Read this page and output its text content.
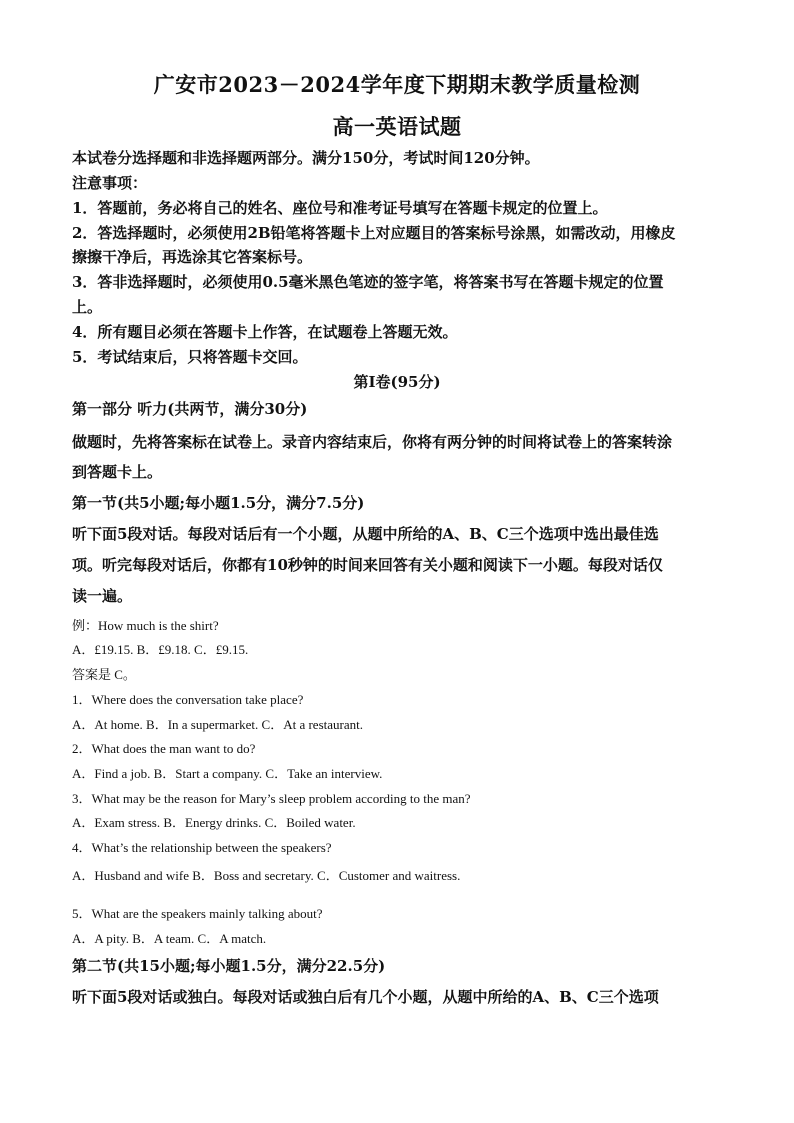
广安市2023－2024学年度下期期末教学质量检测
高一英语试题
本试卷分选择题和非选择题两部分。满分150分，考试时间120分钟。
注意事项：
1．答题前，务必将自己的姓名、座位号和准考证号填写在答题卡规定的位置上。
2．答选择题时，必须使用2B铅笔将答题卡上对应题目的答案标号涂黑，如需改动，用橡皮
擦擦干净后，再选涂其它答案标号。
3．答非选择题时，必须使用0.5毫米黑色笔迹的签字笔，将答案书写在答题卡规定的位置
上。
4．所有题目必须在答题卡上作答，在试题卷上答题无效。
5．考试结束后，只将答题卡交回。
第Ⅰ卷(95分)
第一部分 听力(共两节，满分30分)
做题时，先将答案标在试卷上。录音内容结束后，你将有两分钟的时间将试卷上的答案转涂
到答题卡上。
第一节(共5小题;每小题1.5分，满分7.5分)
听下面5段对话。每段对话后有一个小题，从题中所给的A、B、C三个选项中选出最佳选
项。听完每段对话后，你都有10秒钟的时间来回答有关小题和阅读下一小题。每段对话仅
读一遍。
例：How much is the shirt?
A．£19.15. B．£9.18. C．£9.15.
答案是 C。
1．Where does the conversation take place?
A．At home. B．In a supermarket. C．At a restaurant.
2．What does the man want to do?
A．Find a job. B．Start a company. C．Take an interview.
3．What may be the reason for Mary’s sleep problem according to the man?
A．Exam stress. B．Energy drinks. C．Boiled water.
4．What’s the relationship between the speakers?
A．Husband and wife B．Boss and secretary. C．Customer and waitress.
5．What are the speakers mainly talking about?
A．A pity. B．A team. C．A match.
第二节(共15小题;每小题1.5分，满分22.5分)
听下面5段对话或独白。每段对话或独白后有几个小题，从题中所给的A、B、C三个选项
